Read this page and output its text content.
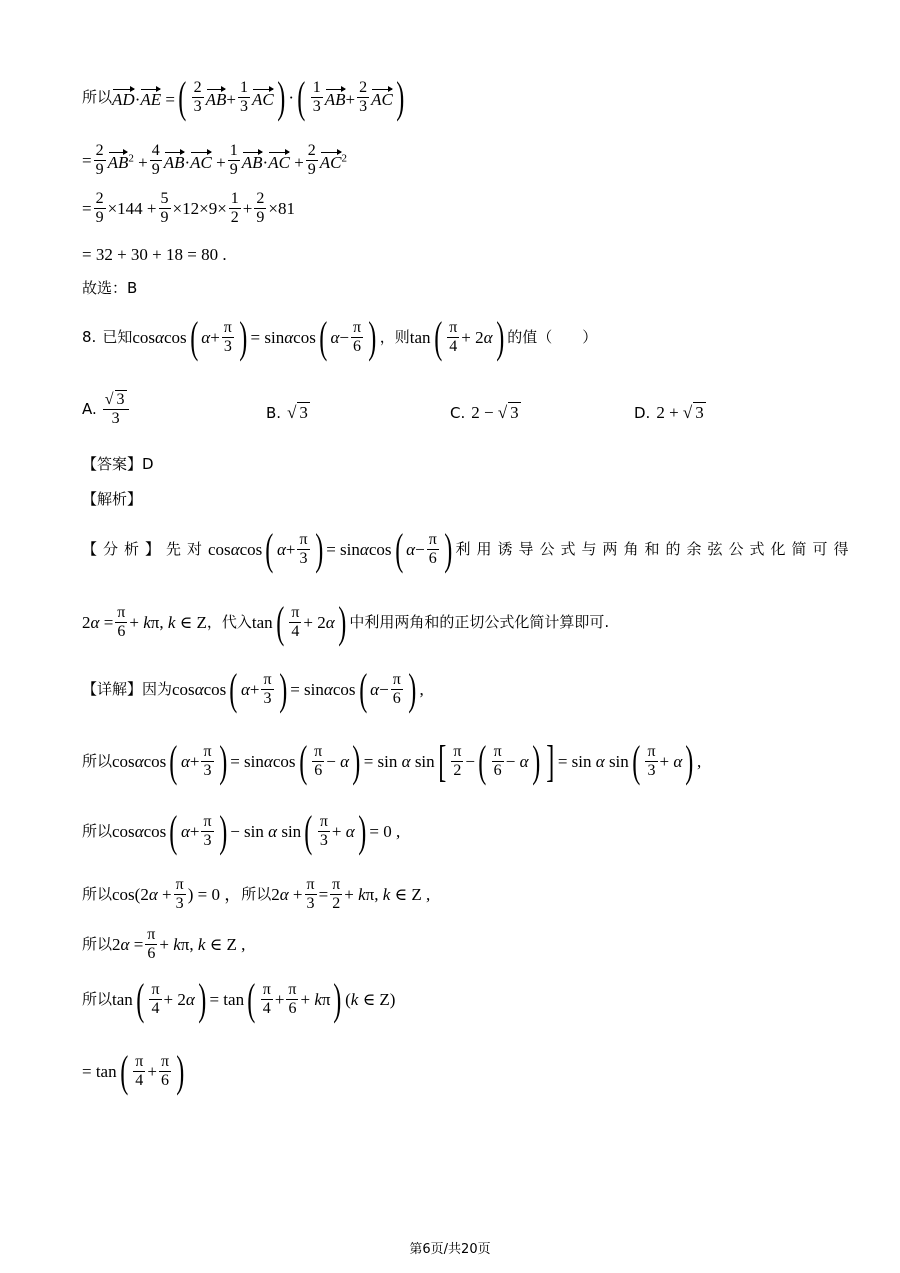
所以 AD·AE = ( $\frac{2}{3} AB+ \frac{1}{3}$ AC ) · ( $\frac{1}{3} AB+ \frac{2}{3}$ AC )
= $\frac{2}{9} AB^2 + \frac{4}{9} AB\cdot AC + \frac{1}{9} AB\cdot AC + \frac{2}{9} AC^2$
= $\frac{2}{9} \times 144 + \frac{5}{9} \times 12\times 9\times \frac{1}{2} + \frac{2}{9} \times 81$
= 32 + 30 + 18 = 80 .
故选：B
8. 已知 cosαcos ( $\alpha + \frac{\pi}{3}$ ) = sinαcos ( $\alpha - \frac{\pi}{6}$ ) ，则 tan ( $\frac{\pi}{4} + 2\alpha$ ) 的值（　　）
A. $\frac{√ 3}{3}$	B. √ 3	C. 2 − √ 3	D. 2 + √ 3
【答案】D
【解析】
【分析】先对 cosαcos ( $\alpha + \frac{\pi}{3}$ ) = sinαcos ( $\alpha - \frac{\pi}{6}$ ) 利用诱导公式与两角和的余弦公式化简可得
$2\alpha = \frac{\pi}{6} + k\pi$, k ∈ Z ，代入 tan ( $\frac{\pi}{4} + 2\alpha$ ) 中利用两角和的正切公式化简计算即可.
【详解】因为 cosαcos ( $\alpha + \frac{\pi}{3}$ ) = sinαcos ( $\alpha - \frac{\pi}{6}$ ) ,
所以 cosαcos ( $\alpha + \frac{\pi}{3}$ ) = sinαcos ( $\frac{\pi}{6} - \alpha$ ) = sin α sin [ $\frac{\pi}{2}$ − ( $\frac{\pi}{6} - \alpha$ ) ] = sin α sin ( $\frac{\pi}{3} + \alpha$ ) ,
所以 cosαcos ( $\alpha + \frac{\pi}{3}$ ) − sin α sin ( $\frac{\pi}{3} + \alpha$ ) = 0 ,
所以 $\cos(2\alpha + \frac{\pi}{3}$ ) = 0 ， 所以 $2\alpha + \frac{\pi}{3} = \frac{\pi}{2} + k\pi$, k ∈ Z ,
所以 $2\alpha = \frac{\pi}{6} + k\pi$, k ∈ Z ,
所以 tan ( $\frac{\pi}{4} + 2\alpha$ ) = tan ( $\frac{\pi}{4} + \frac{\pi}{6} + k\pi$ ) (k ∈ Z)
= tan ( $\frac{\pi}{4} + \frac{\pi}{6}$ )
第6页/共20页
